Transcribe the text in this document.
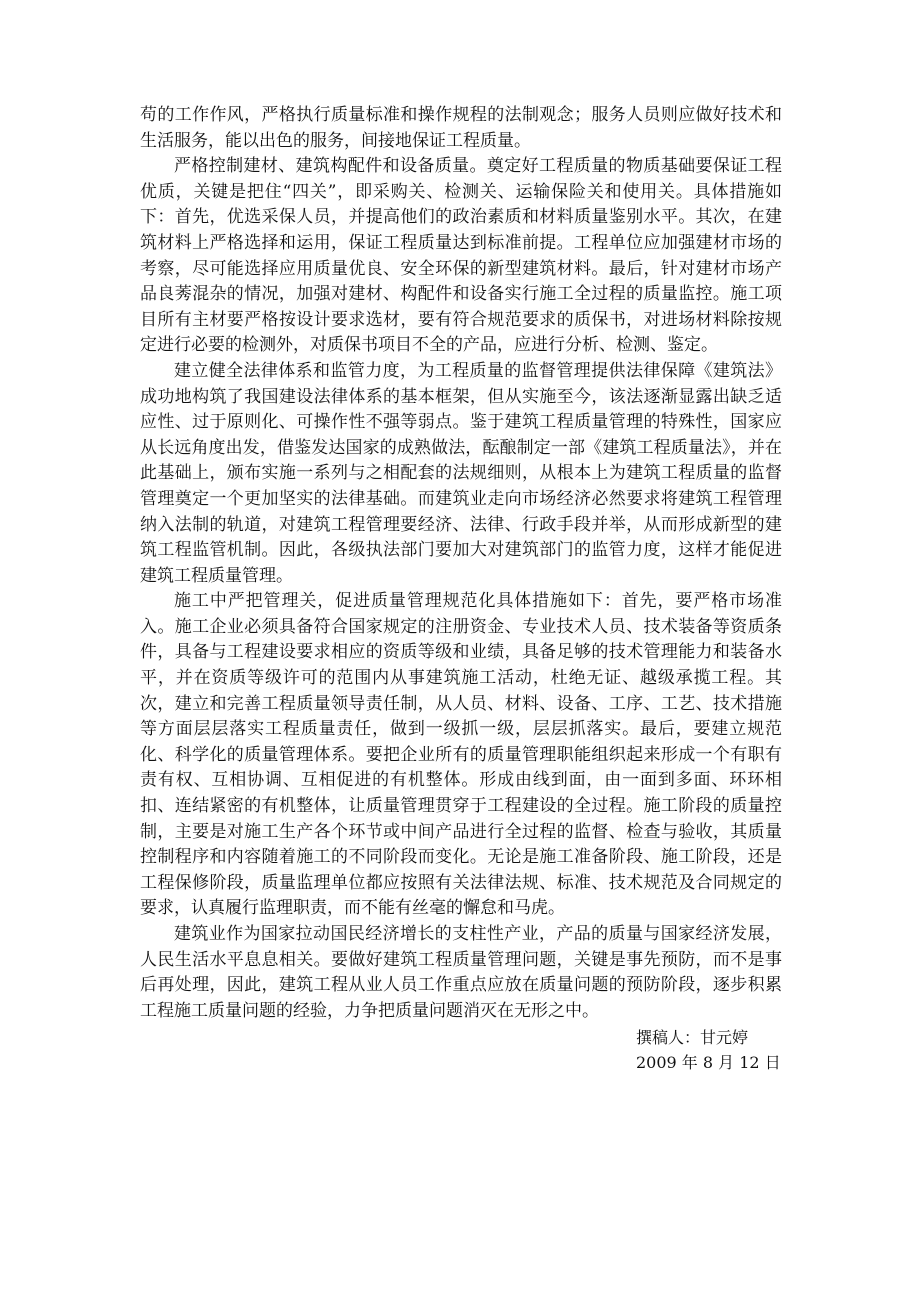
苟的工作作风，严格执行质量标准和操作规程的法制观念；服务人员则应做好技术和生活服务，能以出色的服务，间接地保证工程质量。

严格控制建材、建筑构配件和设备质量。奠定好工程质量的物质基础要保证工程优质，关键是把住“四关”，即采购关、检测关、运输保险关和使用关。具体措施如下：首先，优选采保人员，并提高他们的政治素质和材料质量鉴别水平。其次，在建筑材料上严格选择和运用，保证工程质量达到标准前提。工程单位应加强建材市场的考察，尽可能选择应用质量优良、安全环保的新型建筑材料。最后，针对建材市场产品良莠混杂的情况，加强对建材、构配件和设备实行施工全过程的质量监控。施工项目所有主材要严格按设计要求选材，要有符合规范要求的质保书，对进场材料除按规定进行必要的检测外，对质保书项目不全的产品，应进行分析、检测、鉴定。

建立健全法律体系和监管力度，为工程质量的监督管理提供法律保障《建筑法》成功地构筑了我国建设法律体系的基本框架，但从实施至今，该法逐渐显露出缺乏适应性、过于原则化、可操作性不强等弱点。鉴于建筑工程质量管理的特殊性，国家应从长远角度出发，借鉴发达国家的成熟做法，酝酿制定一部《建筑工程质量法》，并在此基础上，颁布实施一系列与之相配套的法规细则，从根本上为建筑工程质量的监督管理奠定一个更加坚实的法律基础。而建筑业走向市场经济必然要求将建筑工程管理纳入法制的轨道，对建筑工程管理要经济、法律、行政手段并举，从而形成新型的建筑工程监管机制。因此，各级执法部门要加大对建筑部门的监管力度，这样才能促进建筑工程质量管理。

施工中严把管理关，促进质量管理规范化具体措施如下：首先，要严格市场准入。施工企业必须具备符合国家规定的注册资金、专业技术人员、技术装备等资质条件，具备与工程建设要求相应的资质等级和业绩，具备足够的技术管理能力和装备水平，并在资质等级许可的范围内从事建筑施工活动，杜绝无证、越级承揽工程。其次，建立和完善工程质量领导责任制，从人员、材料、设备、工序、工艺、技术措施等方面层层落实工程质量责任，做到一级抓一级，层层抓落实。最后，要建立规范化、科学化的质量管理体系。要把企业所有的质量管理职能组织起来形成一个有职有责有权、互相协调、互相促进的有机整体。形成由线到面，由一面到多面、环环相扣、连结紧密的有机整体，让质量管理贯穿于工程建设的全过程。施工阶段的质量控制，主要是对施工生产各个环节或中间产品进行全过程的监督、检查与验收，其质量控制程序和内容随着施工的不同阶段而变化。无论是施工准备阶段、施工阶段，还是工程保修阶段，质量监理单位都应按照有关法律法规、标准、技术规范及合同规定的要求，认真履行监理职责，而不能有丝毫的懈怠和马虎。

建筑业作为国家拉动国民经济增长的支柱性产业，产品的质量与国家经济发展，人民生活水平息息相关。要做好建筑工程质量管理问题，关键是事先预防，而不是事后再处理，因此，建筑工程从业人员工作重点应放在质量问题的预防阶段，逐步积累工程施工质量问题的经验，力争把质量问题消灭在无形之中。

撰稿人：甘元婷

2009 年 8 月 12 日
